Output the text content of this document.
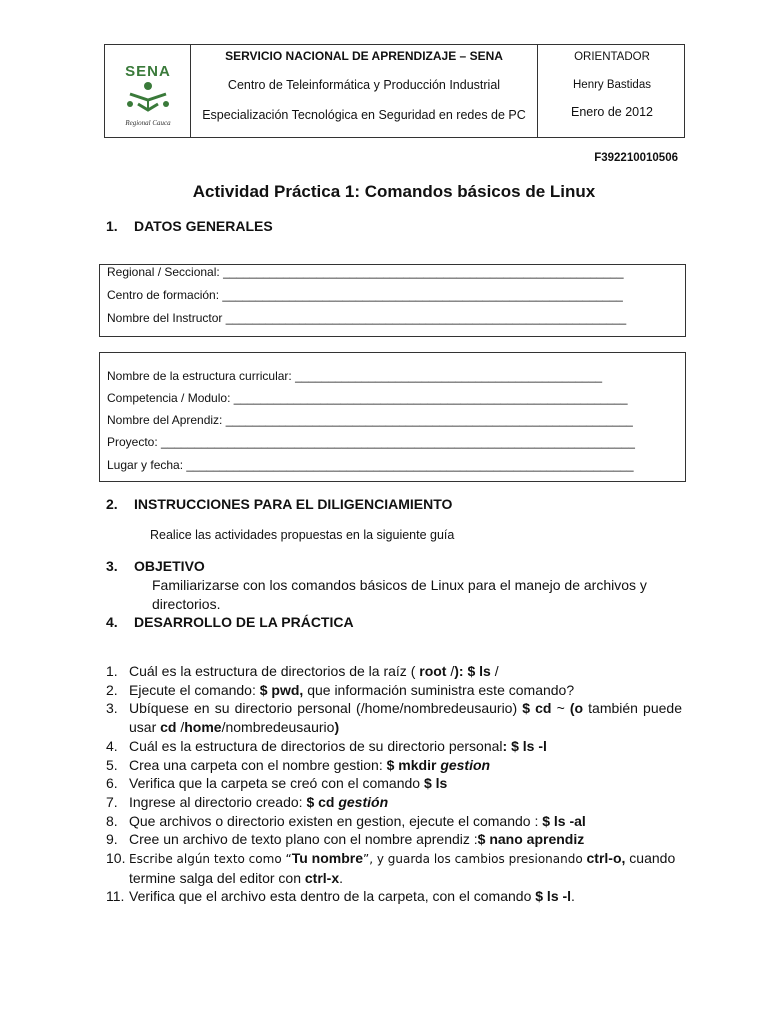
SENA
Regional Cauca
SERVICIO NACIONAL DE APRENDIZAJE – SENA
Centro de Teleinformática y Producción Industrial
Especialización Tecnológica en Seguridad en redes de PC
ORIENTADOR
Henry Bastidas
Enero de 2012
F392210010506
Actividad Práctica 1: Comandos básicos de Linux
1. DATOS GENERALES
Regional / Seccional: ____________________________________________________________
Centro de formación: ____________________________________________________________
Nombre del Instructor ____________________________________________________________
Nombre de la estructura curricular: ______________________________________________
Competencia / Modulo: ___________________________________________________________
Nombre del Aprendiz: _____________________________________________________________
Proyecto: _______________________________________________________________________
Lugar y fecha: ___________________________________________________________________
2. INSTRUCCIONES PARA EL DILIGENCIAMIENTO
Realice las actividades propuestas en la siguiente guía
3. OBJETIVO
Familiarizarse con los comandos básicos de Linux para el manejo de archivos y
directorios.
4. DESARROLLO DE LA PRÁCTICA
1. Cuál es la estructura de directorios de la raíz ( root /): $ ls /
2. Ejecute el comando: $ pwd, que información suministra este comando?
3. Ubíquese en su directorio personal (/home/nombredeusaurio) $ cd ~ (o también puede
usar cd /home/nombredeusaurio)
4. Cuál es la estructura de directorios de su directorio personal: $ ls -l
5. Crea una carpeta con el nombre gestion: $ mkdir gestion
6. Verifica que la carpeta se creó con el comando $ ls
7. Ingrese al directorio creado: $ cd gestión
8. Que archivos o directorio existen en gestion, ejecute el comando : $ ls -al
9. Cree un archivo de texto plano con el nombre aprendiz :$ nano aprendiz
10. Escribe algún texto como “Tu nombre”, y guarda los cambios presionando ctrl-o, cuando
termine salga del editor con ctrl-x.
11. Verifica que el archivo esta dentro de la carpeta, con el comando $ ls -l.
